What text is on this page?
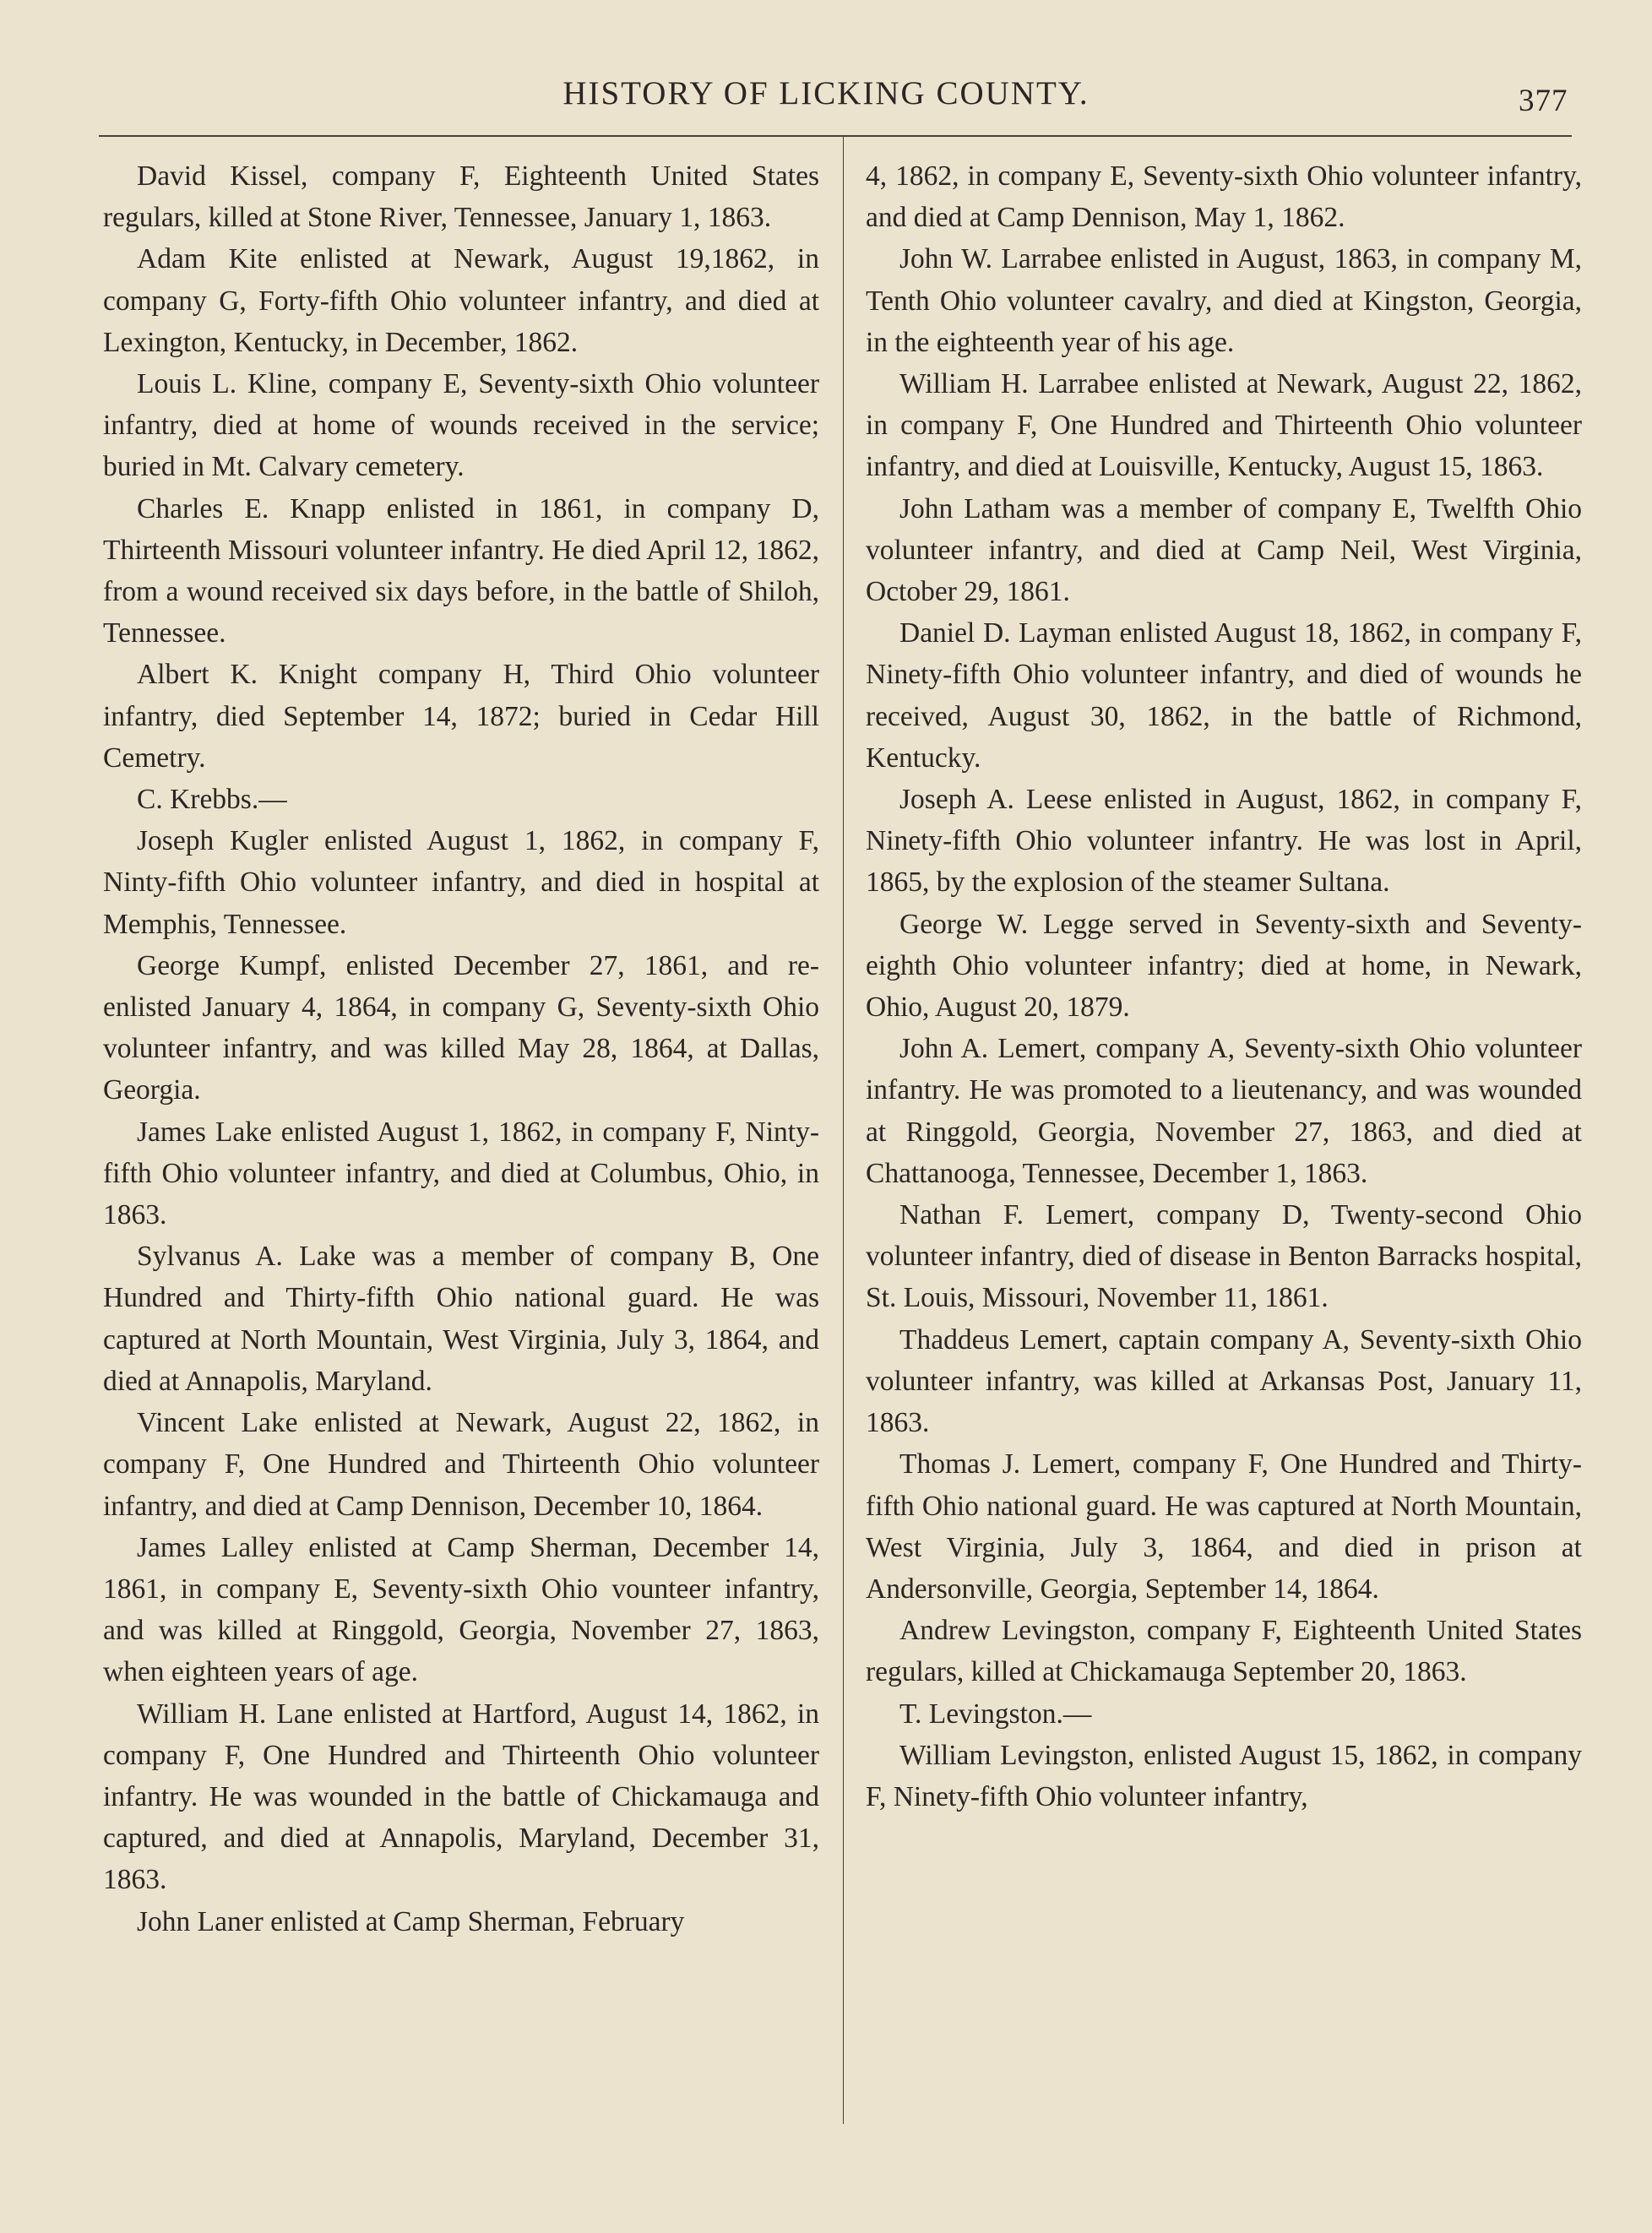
HISTORY OF LICKING COUNTY.	377

David Kissel, company F, Eighteenth United States regulars, killed at Stone River, Tennessee, January 1, 1863.

Adam Kite enlisted at Newark, August 19,1862, in company G, Forty-fifth Ohio volunteer infantry, and died at Lexington, Kentucky, in December, 1862.

Louis L. Kline, company E, Seventy-sixth Ohio volunteer infantry, died at home of wounds received in the service; buried in Mt. Calvary cemetery.

Charles E. Knapp enlisted in 1861, in company D, Thirteenth Missouri volunteer infantry. He died April 12, 1862, from a wound received six days before, in the battle of Shiloh, Tennessee.

Albert K. Knight company H, Third Ohio volunteer infantry, died September 14, 1872; buried in Cedar Hill Cemetry.

C. Krebbs.—

Joseph Kugler enlisted August 1, 1862, in company F, Ninty-fifth Ohio volunteer infantry, and died in hospital at Memphis, Tennessee.

George Kumpf, enlisted December 27, 1861, and re-enlisted January 4, 1864, in company G, Seventy-sixth Ohio volunteer infantry, and was killed May 28, 1864, at Dallas, Georgia.

James Lake enlisted August 1, 1862, in company F, Ninty-fifth Ohio volunteer infantry, and died at Columbus, Ohio, in 1863.

Sylvanus A. Lake was a member of company B, One Hundred and Thirty-fifth Ohio national guard. He was captured at North Mountain, West Virginia, July 3, 1864, and died at Annapolis, Maryland.

Vincent Lake enlisted at Newark, August 22, 1862, in company F, One Hundred and Thirteenth Ohio volunteer infantry, and died at Camp Dennison, December 10, 1864.

James Lalley enlisted at Camp Sherman, December 14, 1861, in company E, Seventy-sixth Ohio vounteer infantry, and was killed at Ringgold, Georgia, November 27, 1863, when eighteen years of age.

William H. Lane enlisted at Hartford, August 14, 1862, in company F, One Hundred and Thirteenth Ohio volunteer infantry. He was wounded in the battle of Chickamauga and captured, and died at Annapolis, Maryland, December 31, 1863.

John Laner enlisted at Camp Sherman, February

4, 1862, in company E, Seventy-sixth Ohio volunteer infantry, and died at Camp Dennison, May 1, 1862.

John W. Larrabee enlisted in August, 1863, in company M, Tenth Ohio volunteer cavalry, and died at Kingston, Georgia, in the eighteenth year of his age.

William H. Larrabee enlisted at Newark, August 22, 1862, in company F, One Hundred and Thirteenth Ohio volunteer infantry, and died at Louisville, Kentucky, August 15, 1863.

John Latham was a member of company E, Twelfth Ohio volunteer infantry, and died at Camp Neil, West Virginia, October 29, 1861.

Daniel D. Layman enlisted August 18, 1862, in company F, Ninety-fifth Ohio volunteer infantry, and died of wounds he received, August 30, 1862, in the battle of Richmond, Kentucky.

Joseph A. Leese enlisted in August, 1862, in company F, Ninety-fifth Ohio volunteer infantry. He was lost in April, 1865, by the explosion of the steamer Sultana.

George W. Legge served in Seventy-sixth and Seventy-eighth Ohio volunteer infantry; died at home, in Newark, Ohio, August 20, 1879.

John A. Lemert, company A, Seventy-sixth Ohio volunteer infantry. He was promoted to a lieutenancy, and was wounded at Ringgold, Georgia, November 27, 1863, and died at Chattanooga, Tennessee, December 1, 1863.

Nathan F. Lemert, company D, Twenty-second Ohio volunteer infantry, died of disease in Benton Barracks hospital, St. Louis, Missouri, November 11, 1861.

Thaddeus Lemert, captain company A, Seventy-sixth Ohio volunteer infantry, was killed at Arkansas Post, January 11, 1863.

Thomas J. Lemert, company F, One Hundred and Thirty-fifth Ohio national guard. He was captured at North Mountain, West Virginia, July 3, 1864, and died in prison at Andersonville, Georgia, September 14, 1864.

Andrew Levingston, company F, Eighteenth United States regulars, killed at Chickamauga September 20, 1863.

T. Levingston.—

William Levingston, enlisted August 15, 1862, in company F, Ninety-fifth Ohio volunteer infantry,
